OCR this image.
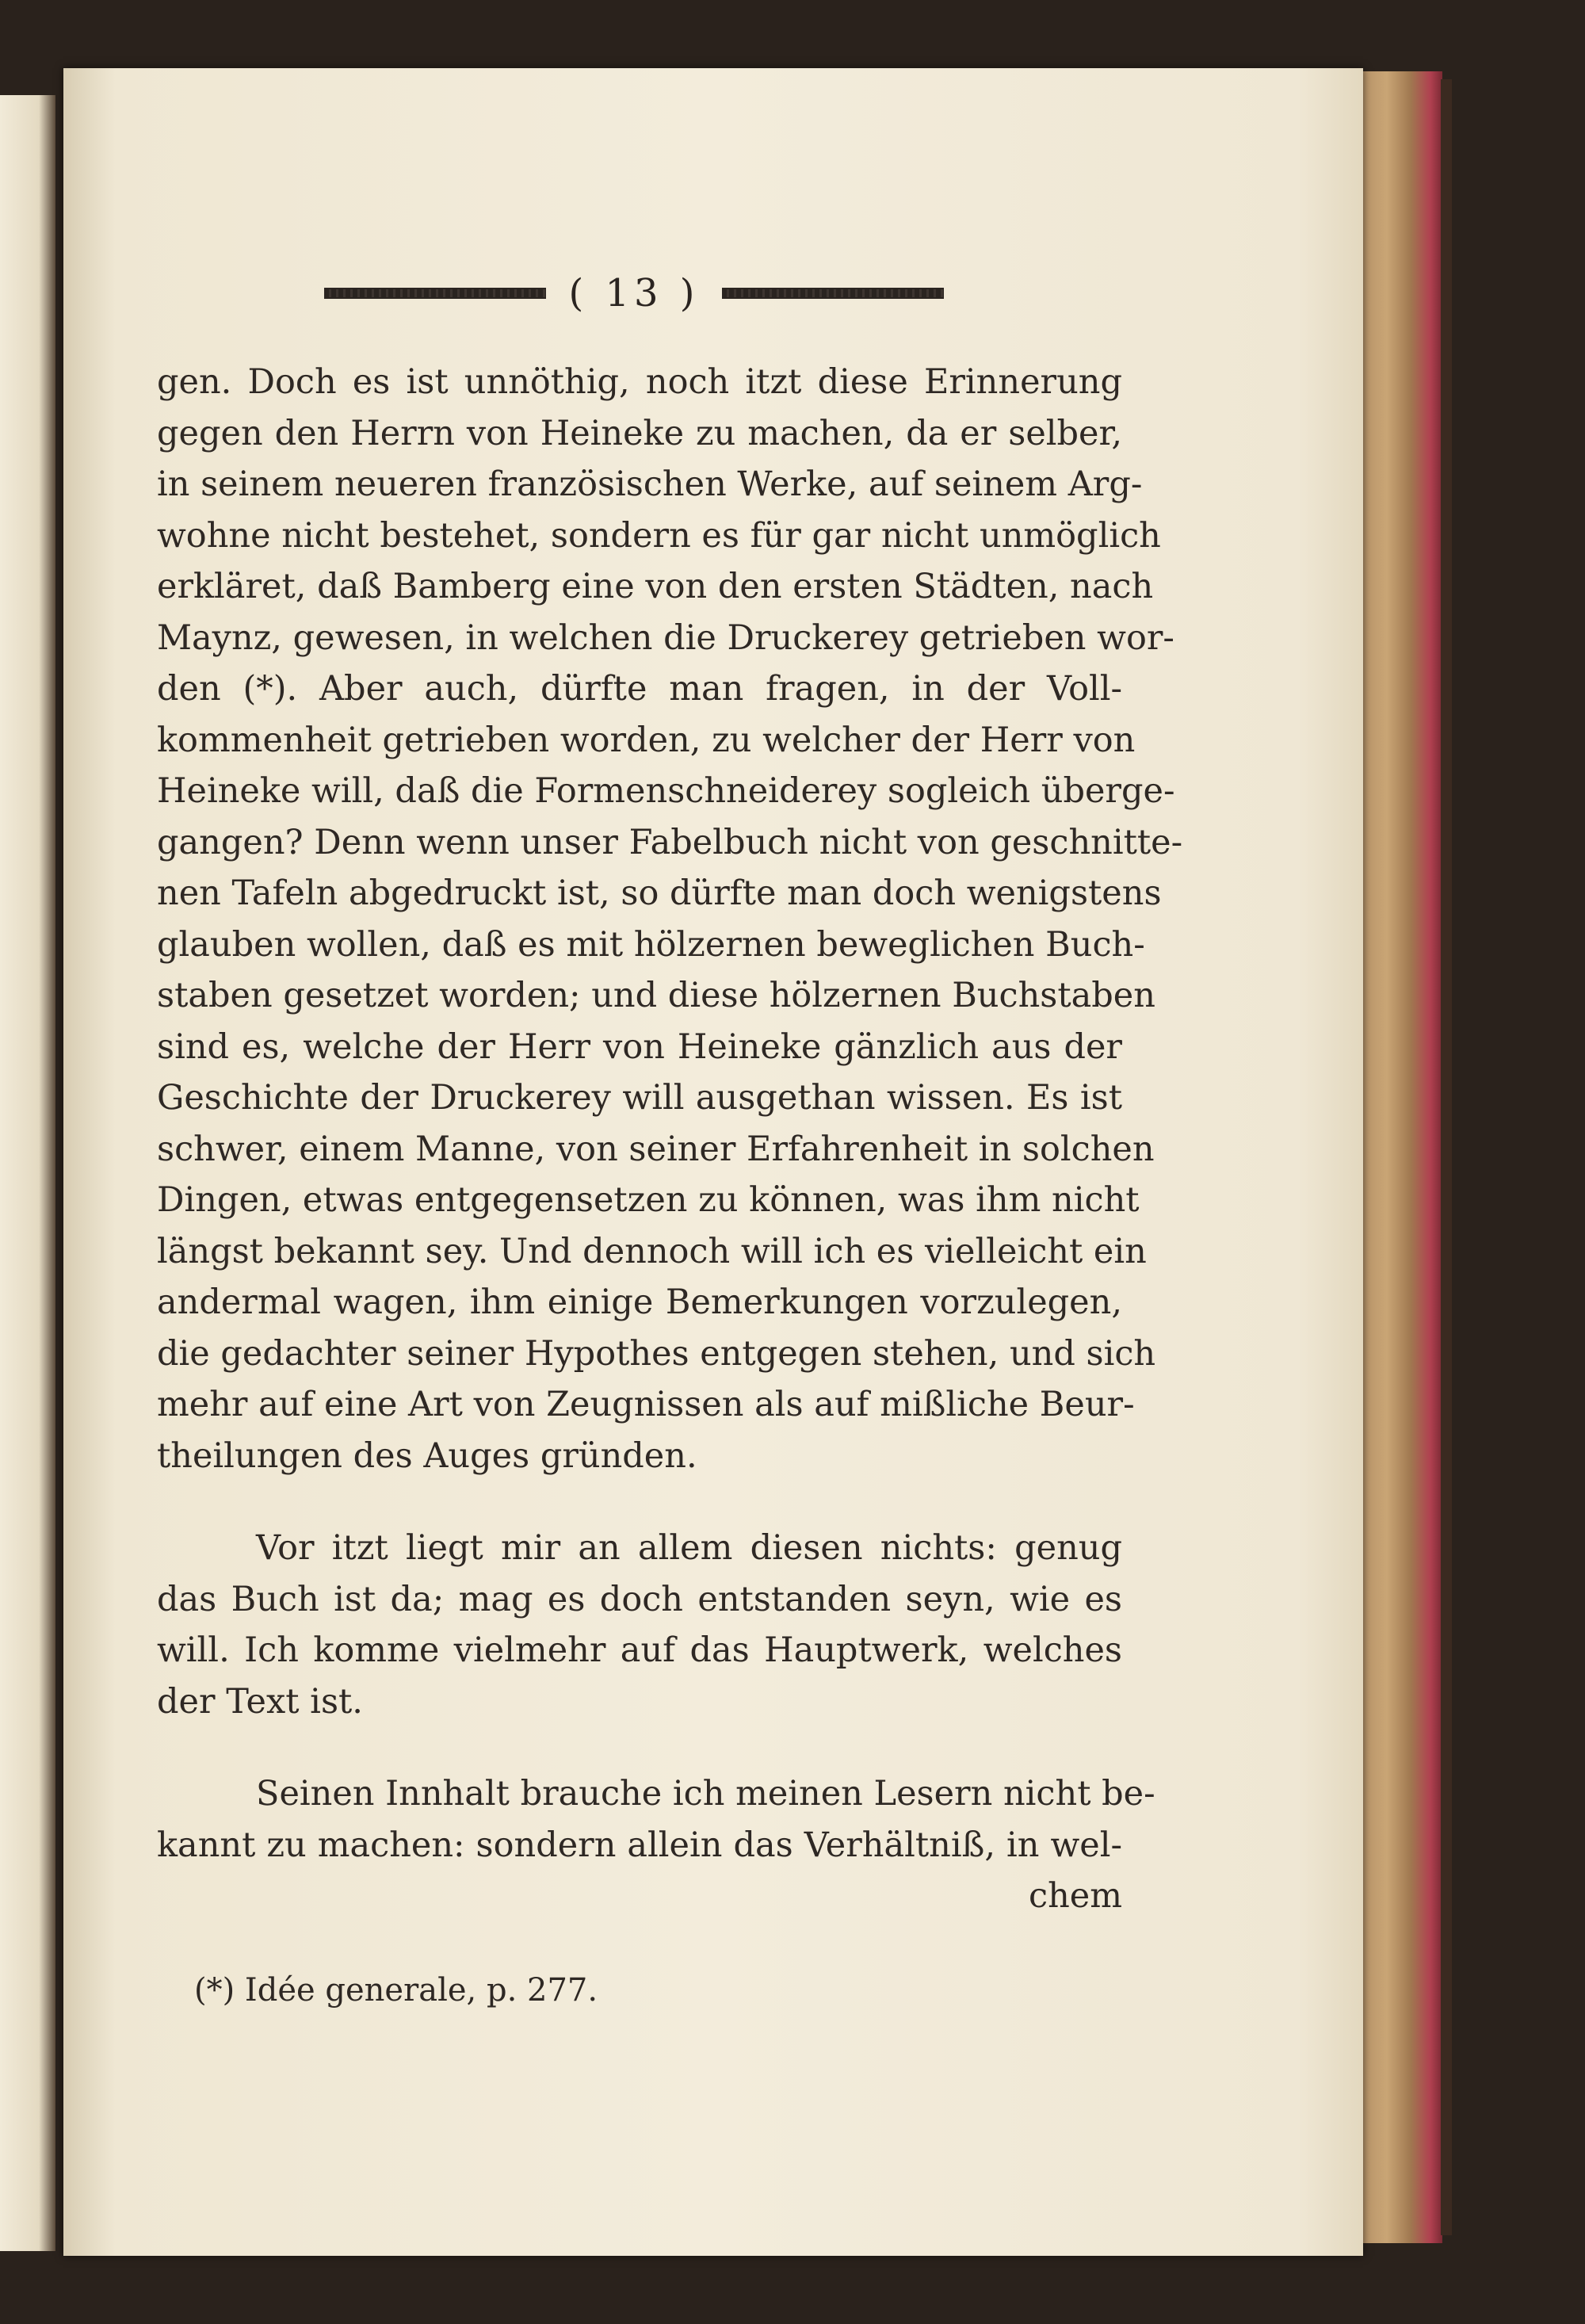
( 13 )
gen. Doch es ist unnöthig, noch itzt diese Erinnerung
gegen den Herrn von Heineke zu machen, da er selber,
in seinem neueren französischen Werke, auf seinem Arg-
wohne nicht bestehet, sondern es für gar nicht unmöglich
erkläret, daß Bamberg eine von den ersten Städten, nach
Maynz, gewesen, in welchen die Druckerey getrieben wor-
den (*). Aber auch, dürfte man fragen, in der Voll-
kommenheit getrieben worden, zu welcher der Herr von
Heineke will, daß die Formenschneiderey sogleich überge-
gangen? Denn wenn unser Fabelbuch nicht von geschnitte-
nen Tafeln abgedruckt ist, so dürfte man doch wenigstens
glauben wollen, daß es mit hölzernen beweglichen Buch-
staben gesetzet worden; und diese hölzernen Buchstaben
sind es, welche der Herr von Heineke gänzlich aus der
Geschichte der Druckerey will ausgethan wissen. Es ist
schwer, einem Manne, von seiner Erfahrenheit in solchen
Dingen, etwas entgegensetzen zu können, was ihm nicht
längst bekannt sey. Und dennoch will ich es vielleicht ein
andermal wagen, ihm einige Bemerkungen vorzulegen,
die gedachter seiner Hypothes entgegen stehen, und sich
mehr auf eine Art von Zeugnissen als auf mißliche Beur-
theilungen des Auges gründen.
Vor itzt liegt mir an allem diesen nichts: genug
das Buch ist da; mag es doch entstanden seyn, wie es
will. Ich komme vielmehr auf das Hauptwerk, welches
der Text ist.
Seinen Innhalt brauche ich meinen Lesern nicht be-
kannt zu machen: sondern allein das Verhältniß, in wel-
chem
(*) Idée generale, p. 277.
